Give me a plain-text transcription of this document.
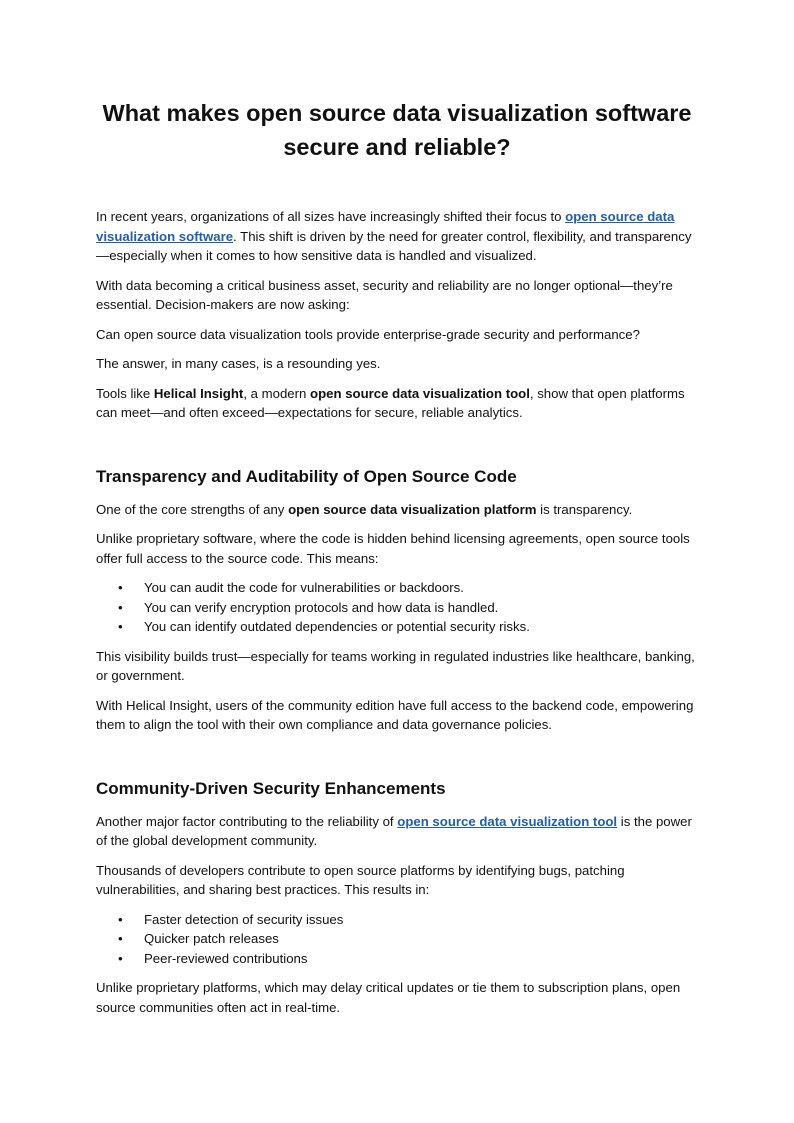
What makes open source data visualization software secure and reliable?

In recent years, organizations of all sizes have increasingly shifted their focus to open source data visualization software. This shift is driven by the need for greater control, flexibility, and transparency—especially when it comes to how sensitive data is handled and visualized.

With data becoming a critical business asset, security and reliability are no longer optional—they’re essential. Decision-makers are now asking:

Can open source data visualization tools provide enterprise-grade security and performance?

The answer, in many cases, is a resounding yes.

Tools like Helical Insight, a modern open source data visualization tool, show that open platforms can meet—and often exceed—expectations for secure, reliable analytics.

Transparency and Auditability of Open Source Code

One of the core strengths of any open source data visualization platform is transparency.

Unlike proprietary software, where the code is hidden behind licensing agreements, open source tools offer full access to the source code. This means:

• You can audit the code for vulnerabilities or backdoors.
• You can verify encryption protocols and how data is handled.
• You can identify outdated dependencies or potential security risks.

This visibility builds trust—especially for teams working in regulated industries like healthcare, banking, or government.

With Helical Insight, users of the community edition have full access to the backend code, empowering them to align the tool with their own compliance and data governance policies.

Community-Driven Security Enhancements

Another major factor contributing to the reliability of open source data visualization tool is the power of the global development community.

Thousands of developers contribute to open source platforms by identifying bugs, patching vulnerabilities, and sharing best practices. This results in:

• Faster detection of security issues
• Quicker patch releases
• Peer-reviewed contributions

Unlike proprietary platforms, which may delay critical updates or tie them to subscription plans, open source communities often act in real-time.
